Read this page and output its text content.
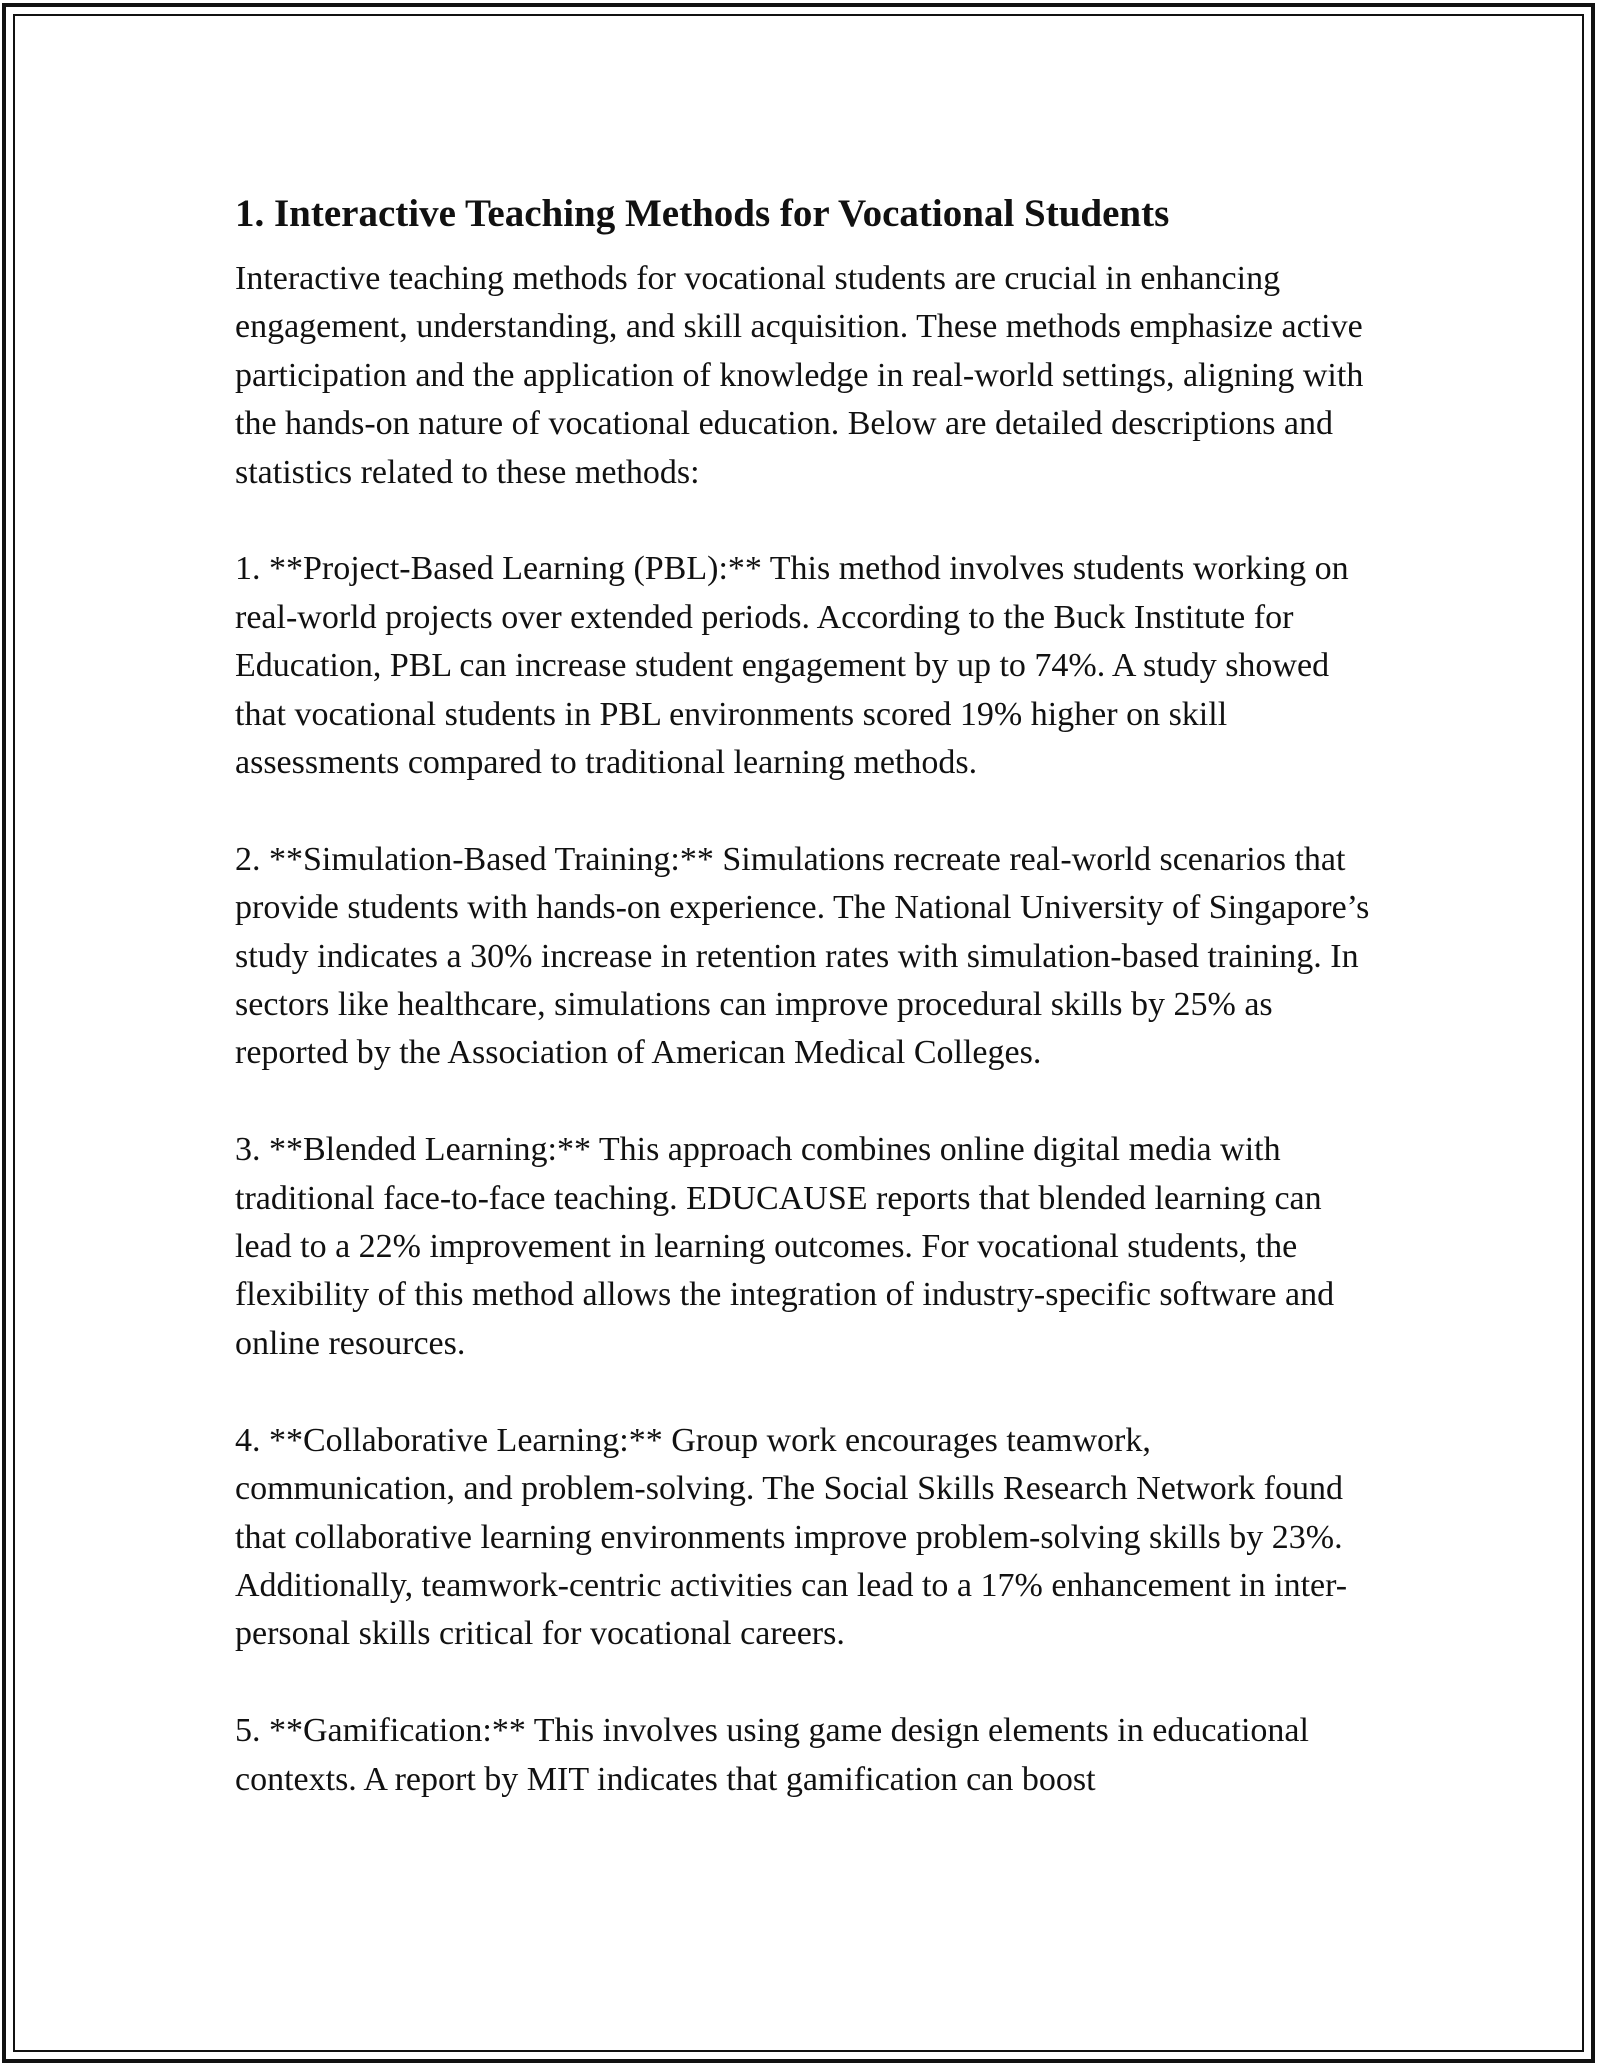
1. Interactive Teaching Methods for Vocational Students

Interactive teaching methods for vocational students are crucial in enhancing engagement, understanding, and skill acquisition. These methods emphasize active participation and the application of knowledge in real-world settings, aligning with the hands-on nature of vocational education. Below are detailed descriptions and statistics related to these methods:

1. **Project-Based Learning (PBL):** This method involves students working on real-world projects over extended periods. According to the Buck Institute for Education, PBL can increase student engagement by up to 74%. A study showed that vocational students in PBL environments scored 19% higher on skill assessments compared to traditional learning methods.

2. **Simulation-Based Training:** Simulations recreate real-world scenarios that provide students with hands-on experience. The National University of Singapore’s study indicates a 30% increase in retention rates with simulation-based training. In sectors like healthcare, simulations can improve procedural skills by 25% as reported by the Association of American Medical Colleges.

3. **Blended Learning:** This approach combines online digital media with traditional face-to-face teaching. EDUCAUSE reports that blended learning can lead to a 22% improvement in learning outcomes. For vocational students, the flexibility of this method allows the integration of industry-specific software and online resources.

4. **Collaborative Learning:** Group work encourages teamwork, communication, and problem-solving. The Social Skills Research Network found that collaborative learning environments improve problem-solving skills by 23%. Additionally, teamwork-centric activities can lead to a 17% enhancement in inter-personal skills critical for vocational careers.

5. **Gamification:** This involves using game design elements in educational contexts. A report by MIT indicates that gamification can boost
